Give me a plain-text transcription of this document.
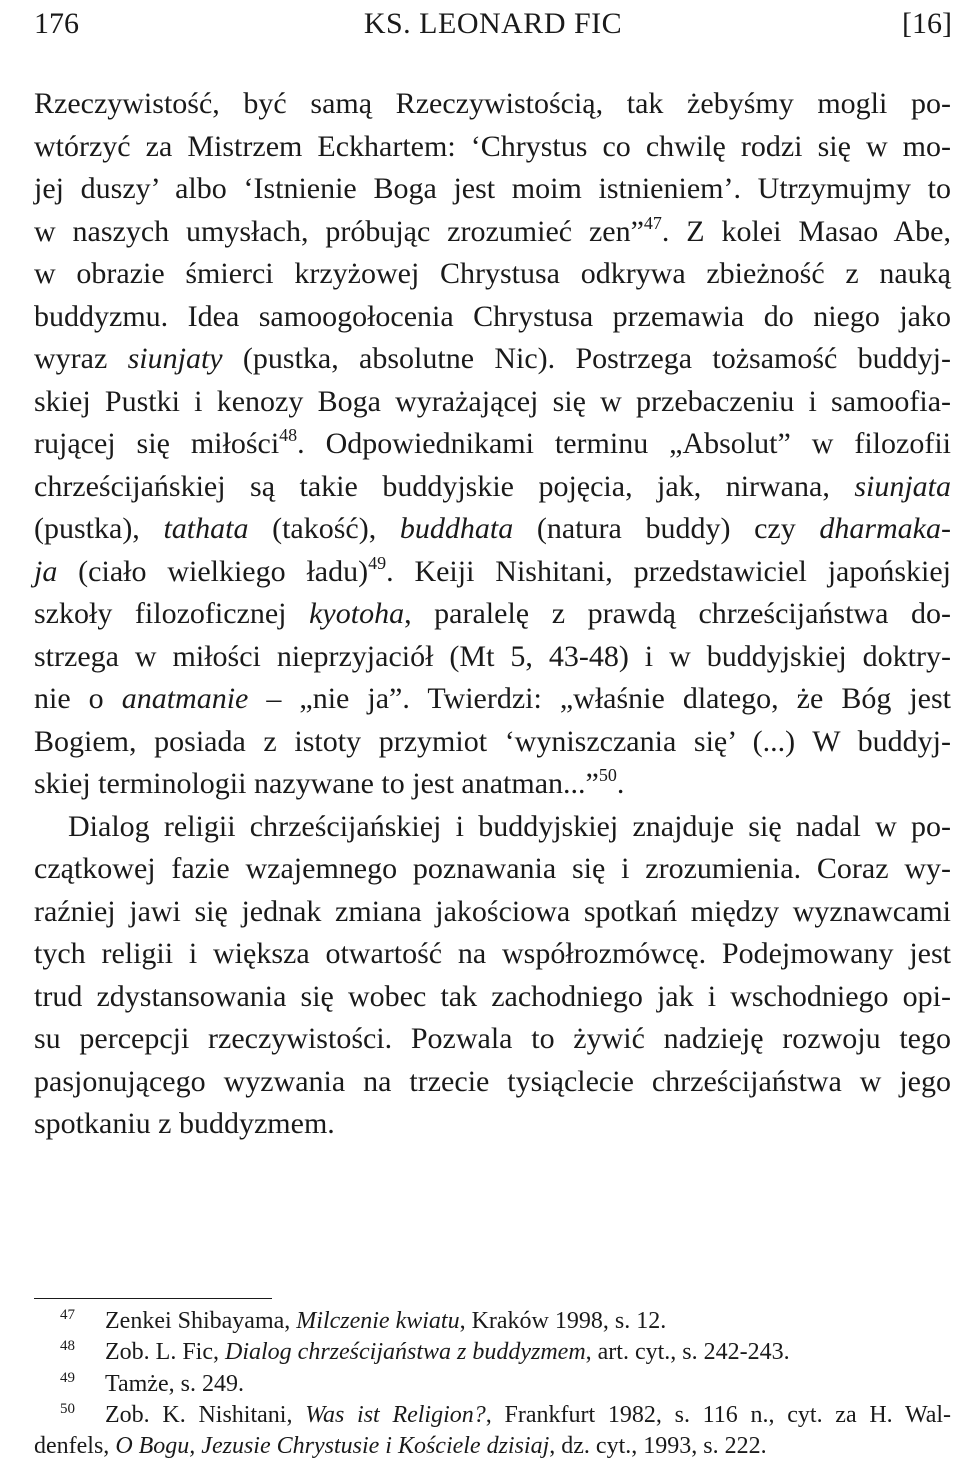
176	KS. LEONARD FIC	[16]
Rzeczywistość, być samą Rzeczywistością, tak żebyśmy mogli po-
wtórzyć za Mistrzem Eckhartem: ‘Chrystus co chwilę rodzi się w mo-
jej duszy’ albo ‘Istnienie Boga jest moim istnieniem’. Utrzymujmy to
w naszych umysłach, próbując zrozumieć zen”$^{47}$. Z kolei Masao Abe,
w obrazie śmierci krzyżowej Chrystusa odkrywa zbieżność z nauką
buddyzmu. Idea samoogołocenia Chrystusa przemawia do niego jako
wyraz siunjaty (pustka, absolutne Nic). Postrzega tożsamość buddyj-
skiej Pustki i kenozy Boga wyrażającej się w przebaczeniu i samoofia-
rującej się miłości$^{48}$. Odpowiednikami terminu „Absolut” w filozofii
chrześcijańskiej są takie buddyjskie pojęcia, jak, nirwana, siunjata
(pustka), tathata (takość), buddhata (natura buddy) czy dharmaka-
ja (ciało wielkiego ładu)$^{49}$. Keiji Nishitani, przedstawiciel japońskiej
szkoły filozoficznej kyotoha, paralelę z prawdą chrześcijaństwa do-
strzega w miłości nieprzyjaciół (Mt 5, 43-48) i w buddyjskiej doktry-
nie o anatmanie – „nie ja”. Twierdzi: „właśnie dlatego, że Bóg jest
Bogiem, posiada z istoty przymiot ‘wyniszczania się’ (...) W buddyj-
skiej terminologii nazywane to jest anatman...”$^{50}$.
Dialog religii chrześcijańskiej i buddyjskiej znajduje się nadal w po-
czątkowej fazie wzajemnego poznawania się i zrozumienia. Coraz wy-
raźniej jawi się jednak zmiana jakościowa spotkań między wyznawcami
tych religii i większa otwartość na współrozmówcę. Podejmowany jest
trud zdystansowania się wobec tak zachodniego jak i wschodniego opi-
su percepcji rzeczywistości. Pozwala to żywić nadzieję rozwoju tego
pasjonującego wyzwania na trzecie tysiąclecie chrześcijaństwa w jego
spotkaniu z buddyzmem.
$^{47}$ Zenkei Shibayama, Milczenie kwiatu, Kraków 1998, s. 12.
$^{48}$ Zob. L. Fic, Dialog chrześcijaństwa z buddyzmem, art. cyt., s. 242-243.
$^{49}$ Tamże, s. 249.
$^{50}$ Zob. K. Nishitani, Was ist Religion?, Frankfurt 1982, s. 116 n., cyt. za H. Wal-
denfels, O Bogu, Jezusie Chrystusie i Kościele dzisiaj, dz. cyt., 1993, s. 222.
